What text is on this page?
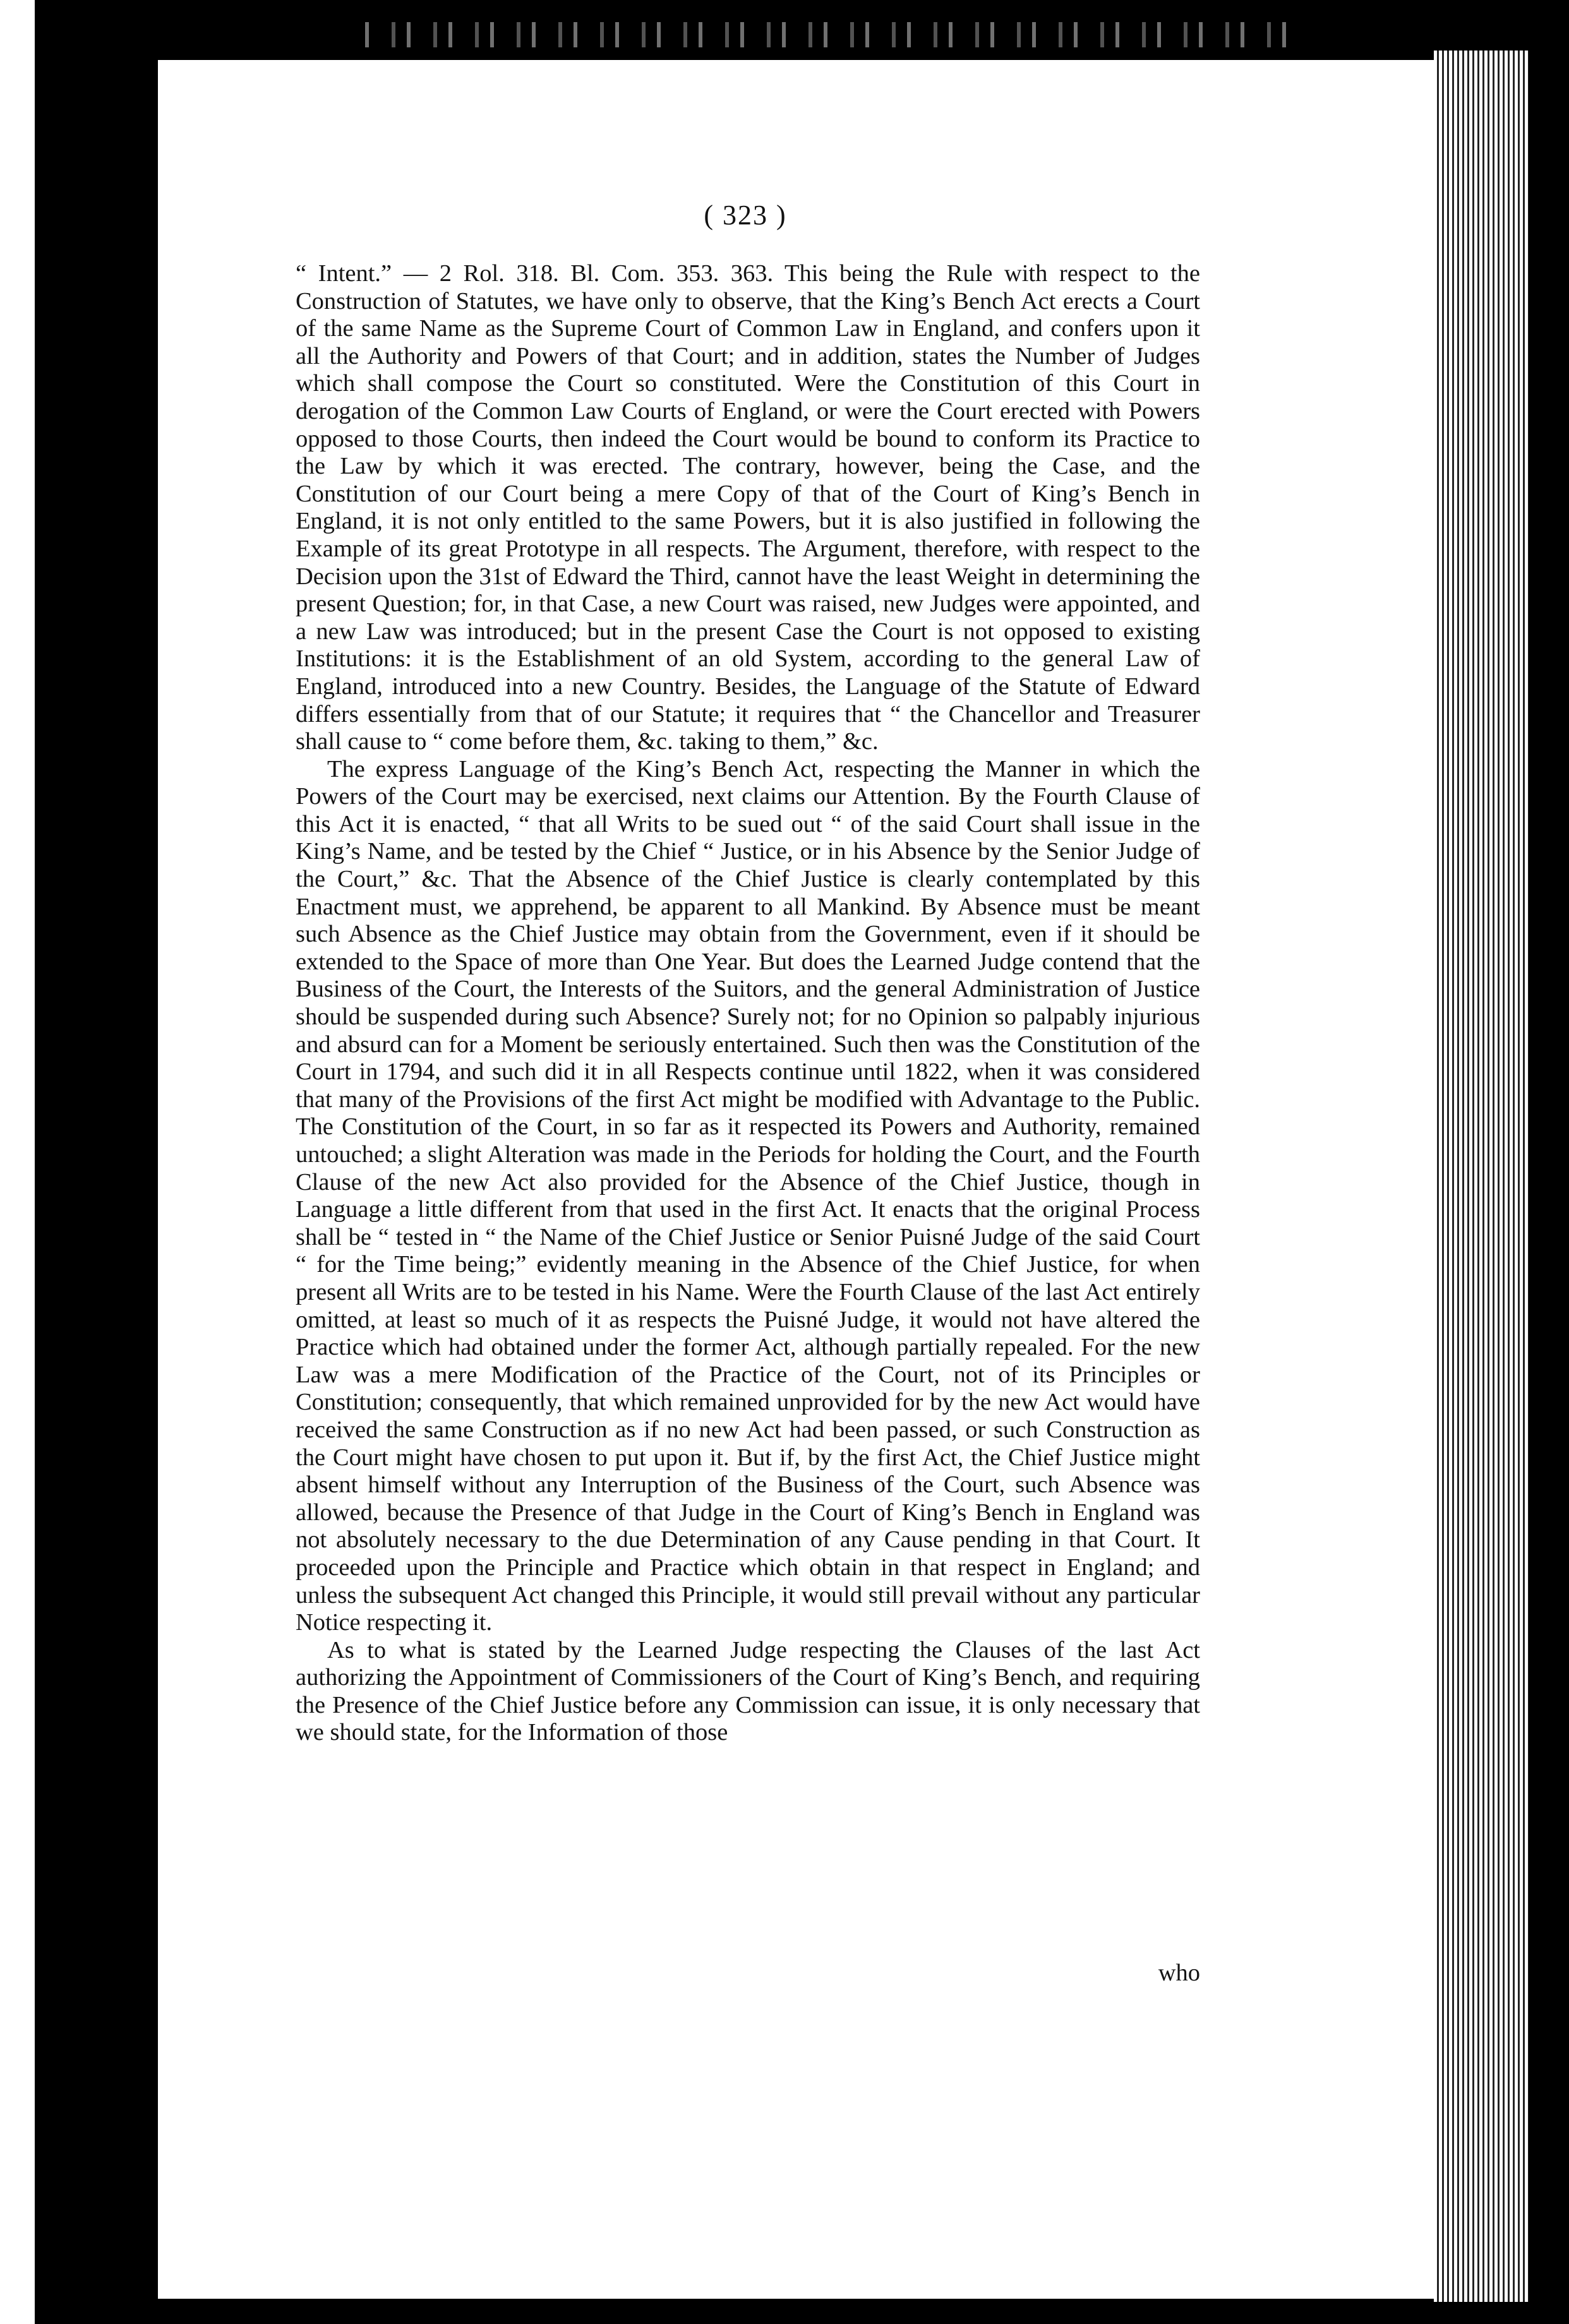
( 323 )

“ Intent.” — 2 Rol. 318. Bl. Com. 353. 363. This being the Rule with respect to the Construction of Statutes, we have only to observe, that the King’s Bench Act erects a Court of the same Name as the Supreme Court of Common Law in England, and confers upon it all the Authority and Powers of that Court; and in addition, states the Number of Judges which shall compose the Court so constituted. Were the Constitution of this Court in derogation of the Common Law Courts of England, or were the Court erected with Powers opposed to those Courts, then indeed the Court would be bound to conform its Practice to the Law by which it was erected. The contrary, however, being the Case, and the Constitution of our Court being a mere Copy of that of the Court of King’s Bench in England, it is not only entitled to the same Powers, but it is also justified in following the Example of its great Prototype in all respects. The Argument, therefore, with respect to the Decision upon the 31st of Edward the Third, cannot have the least Weight in determining the present Question; for, in that Case, a new Court was raised, new Judges were appointed, and a new Law was introduced; but in the present Case the Court is not opposed to existing Institutions: it is the Establishment of an old System, according to the general Law of England, introduced into a new Country. Besides, the Language of the Statute of Edward differs essentially from that of our Statute; it requires that “ the Chancellor and Treasurer shall cause to “ come before them, &c. taking to them,” &c.

The express Language of the King’s Bench Act, respecting the Manner in which the Powers of the Court may be exercised, next claims our Attention. By the Fourth Clause of this Act it is enacted, “ that all Writs to be sued out “ of the said Court shall issue in the King’s Name, and be tested by the Chief “ Justice, or in his Absence by the Senior Judge of the Court,” &c. That the Absence of the Chief Justice is clearly contemplated by this Enactment must, we apprehend, be apparent to all Mankind. By Absence must be meant such Absence as the Chief Justice may obtain from the Government, even if it should be extended to the Space of more than One Year. But does the Learned Judge contend that the Business of the Court, the Interests of the Suitors, and the general Administration of Justice should be suspended during such Absence? Surely not; for no Opinion so palpably injurious and absurd can for a Moment be seriously entertained. Such then was the Constitution of the Court in 1794, and such did it in all Respects continue until 1822, when it was considered that many of the Provisions of the first Act might be modified with Advantage to the Public. The Constitution of the Court, in so far as it respected its Powers and Authority, remained untouched; a slight Alteration was made in the Periods for holding the Court, and the Fourth Clause of the new Act also provided for the Absence of the Chief Justice, though in Language a little different from that used in the first Act. It enacts that the original Process shall be “ tested in “ the Name of the Chief Justice or Senior Puisné Judge of the said Court “ for the Time being;” evidently meaning in the Absence of the Chief Justice, for when present all Writs are to be tested in his Name. Were the Fourth Clause of the last Act entirely omitted, at least so much of it as respects the Puisné Judge, it would not have altered the Practice which had obtained under the former Act, although partially repealed. For the new Law was a mere Modification of the Practice of the Court, not of its Principles or Constitution; consequently, that which remained unprovided for by the new Act would have received the same Construction as if no new Act had been passed, or such Construction as the Court might have chosen to put upon it. But if, by the first Act, the Chief Justice might absent himself without any Interruption of the Business of the Court, such Absence was allowed, because the Presence of that Judge in the Court of King’s Bench in England was not absolutely necessary to the due Determination of any Cause pending in that Court. It proceeded upon the Principle and Practice which obtain in that respect in England; and unless the subsequent Act changed this Principle, it would still prevail without any particular Notice respecting it.

As to what is stated by the Learned Judge respecting the Clauses of the last Act authorizing the Appointment of Commissioners of the Court of King’s Bench, and requiring the Presence of the Chief Justice before any Commission can issue, it is only necessary that we should state, for the Information of those

who
